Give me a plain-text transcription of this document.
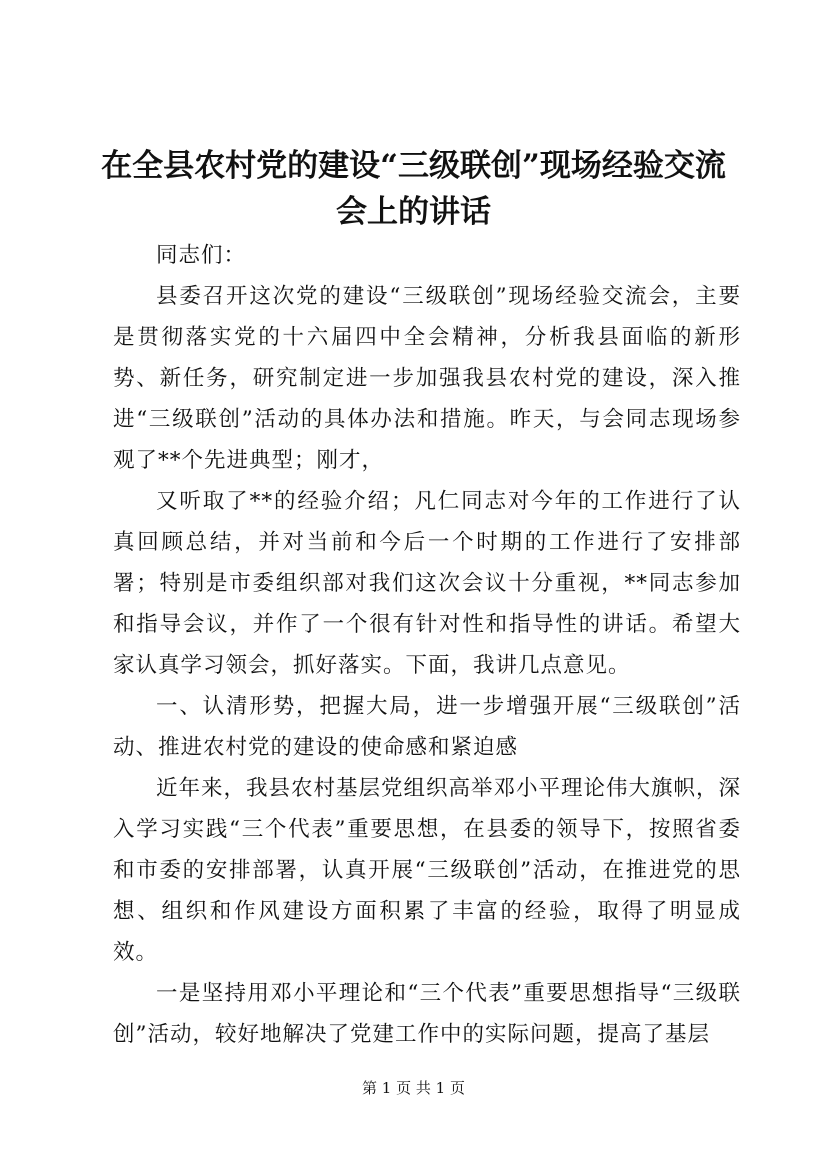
在全县农村党的建设“三级联创”现场经验交流会上的讲话

同志们：

县委召开这次党的建设“三级联创”现场经验交流会，主要是贯彻落实党的十六届四中全会精神，分析我县面临的新形势、新任务，研究制定进一步加强我县农村党的建设，深入推进“三级联创”活动的具体办法和措施。昨天，与会同志现场参观了**个先进典型；刚才，

又听取了**的经验介绍；凡仁同志对今年的工作进行了认真回顾总结，并对当前和今后一个时期的工作进行了安排部署；特别是市委组织部对我们这次会议十分重视，**同志参加和指导会议，并作了一个很有针对性和指导性的讲话。希望大家认真学习领会，抓好落实。下面，我讲几点意见。

一、认清形势，把握大局，进一步增强开展“三级联创”活动、推进农村党的建设的使命感和紧迫感

近年来，我县农村基层党组织高举邓小平理论伟大旗帜，深入学习实践“三个代表”重要思想，在县委的领导下，按照省委和市委的安排部署，认真开展“三级联创”活动，在推进党的思想、组织和作风建设方面积累了丰富的经验，取得了明显成效。

一是坚持用邓小平理论和“三个代表”重要思想指导“三级联创”活动，较好地解决了党建工作中的实际问题，提高了基层

第 1 页 共 1 页
